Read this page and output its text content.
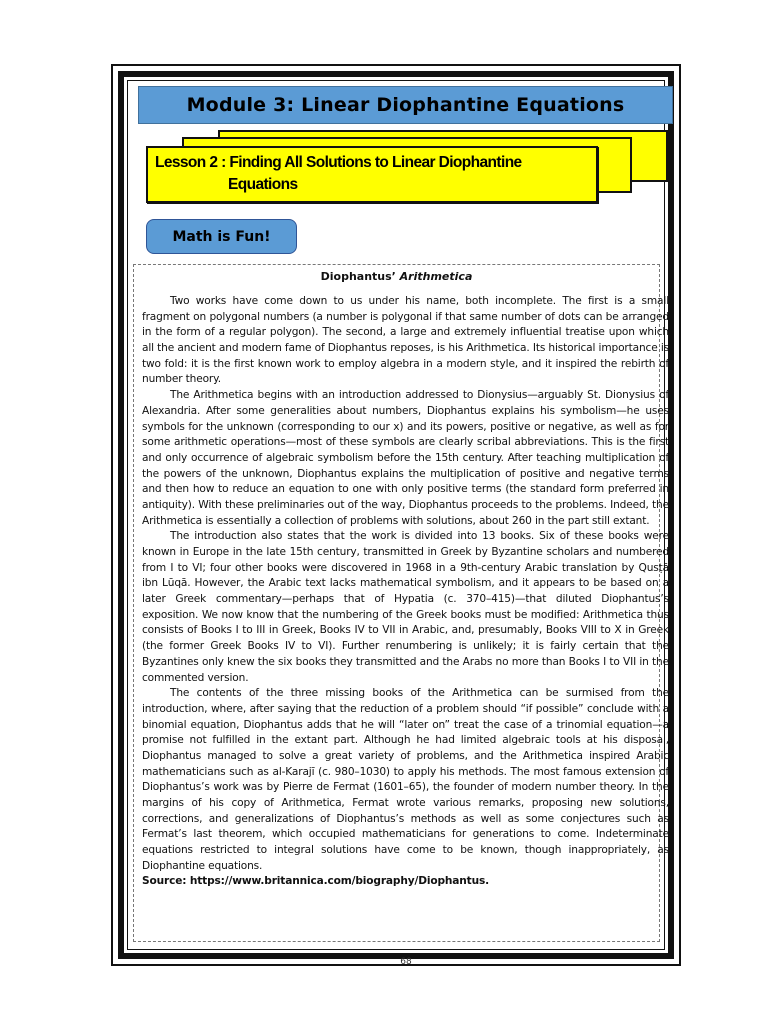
Module 3: Linear Diophantine Equations
Lesson 2 : Finding All Solutions to Linear Diophantine
Equations
Math is Fun!
Diophantus’ Arithmetica

Two works have come down to us under his name, both incomplete. The first is a small fragment on polygonal numbers (a number is polygonal if that same number of dots can be arranged in the form of a regular polygon). The second, a large and extremely influential treatise upon which all the ancient and modern fame of Diophantus reposes, is his Arithmetica. Its historical importance is two fold: it is the first known work to employ algebra in a modern style, and it inspired the rebirth of number theory.

The Arithmetica begins with an introduction addressed to Dionysius—arguably St. Dionysius of Alexandria. After some generalities about numbers, Diophantus explains his symbolism—he uses symbols for the unknown (corresponding to our x) and its powers, positive or negative, as well as for some arithmetic operations—most of these symbols are clearly scribal abbreviations. This is the first and only occurrence of algebraic symbolism before the 15th century. After teaching multiplication of the powers of the unknown, Diophantus explains the multiplication of positive and negative terms and then how to reduce an equation to one with only positive terms (the standard form preferred in antiquity). With these preliminaries out of the way, Diophantus proceeds to the problems. Indeed, the Arithmetica is essentially a collection of problems with solutions, about 260 in the part still extant.

The introduction also states that the work is divided into 13 books. Six of these books were known in Europe in the late 15th century, transmitted in Greek by Byzantine scholars and numbered from I to VI; four other books were discovered in 1968 in a 9th-century Arabic translation by Qusṭā ibn Lūqā. However, the Arabic text lacks mathematical symbolism, and it appears to be based on a later Greek commentary—perhaps that of Hypatia (c. 370–415)—that diluted Diophantus’s exposition. We now know that the numbering of the Greek books must be modified: Arithmetica thus consists of Books I to III in Greek, Books IV to VII in Arabic, and, presumably, Books VIII to X in Greek (the former Greek Books IV to VI). Further renumbering is unlikely; it is fairly certain that the Byzantines only knew the six books they transmitted and the Arabs no more than Books I to VII in the commented version.

The contents of the three missing books of the Arithmetica can be surmised from the introduction, where, after saying that the reduction of a problem should “if possible” conclude with a binomial equation, Diophantus adds that he will “later on” treat the case of a trinomial equation—a promise not fulfilled in the extant part. Although he had limited algebraic tools at his disposal, Diophantus managed to solve a great variety of problems, and the Arithmetica inspired Arabic mathematicians such as al-Karajī (c. 980–1030) to apply his methods. The most famous extension of Diophantus’s work was by Pierre de Fermat (1601–65), the founder of modern number theory. In the margins of his copy of Arithmetica, Fermat wrote various remarks, proposing new solutions, corrections, and generalizations of Diophantus’s methods as well as some conjectures such as Fermat’s last theorem, which occupied mathematicians for generations to come. Indeterminate equations restricted to integral solutions have come to be known, though inappropriately, as Diophantine equations.

Source: https://www.britannica.com/biography/Diophantus.

68
